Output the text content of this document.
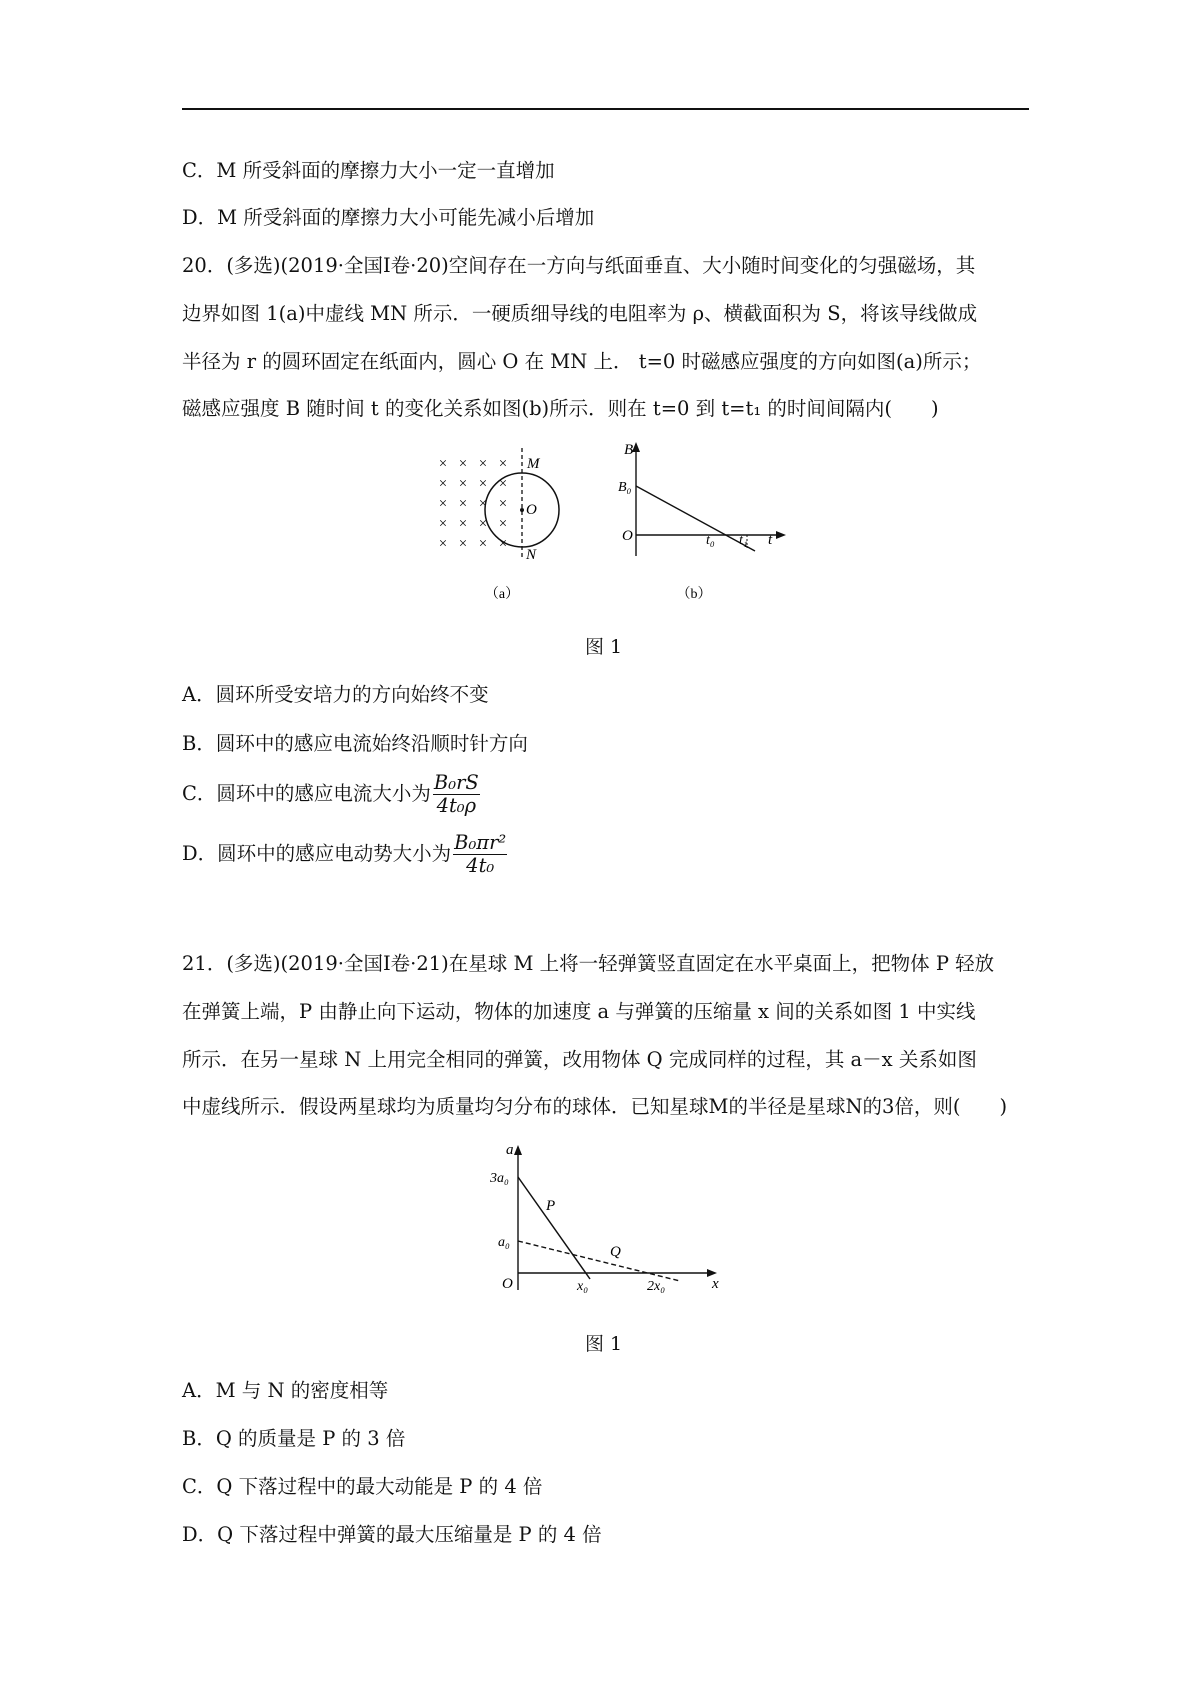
C．M 所受斜面的摩擦力大小一定一直增加
D．M 所受斜面的摩擦力大小可能先减小后增加
20．(多选)(2019·全国Ⅰ卷·20)空间存在一方向与纸面垂直、大小随时间变化的匀强磁场，其
边界如图 1(a)中虚线 MN 所示．一硬质细导线的电阻率为 ρ、横截面积为 S，将该导线做成
半径为 r 的圆环固定在纸面内，圆心 O 在 MN 上． t=0 时磁感应强度的方向如图(a)所示；
磁感应强度 B 随时间 t 的变化关系如图(b)所示．则在 t=0 到 t=t₁ 的时间间隔内(　　)
× × × ×
× × × ×
× × × ×
× × × ×
× × × ×
M
O
N
（a）
B
B₀
O	t₀ t₁ t
（b）
图 1
A．圆环所受安培力的方向始终不变
B．圆环中的感应电流始终沿顺时针方向
C．圆环中的感应电流大小为 $\frac{\text{B₀rS}}{\text{4t₀ρ}}$
D．圆环中的感应电动势大小为 $\frac{\text{B₀πr²}}{\text{4t₀}}$
21．(多选)(2019·全国Ⅰ卷·21)在星球 M 上将一轻弹簧竖直固定在水平桌面上，把物体 P 轻放
在弹簧上端，P 由静止向下运动，物体的加速度 a 与弹簧的压缩量 x 间的关系如图 1 中实线
所示．在另一星球 N 上用完全相同的弹簧，改用物体 Q 完成同样的过程，其 a－x 关系如图
中虚线所示．假设两星球均为质量均匀分布的球体．已知星球M的半径是星球N的3倍，则(　　)
a
3a₀
a₀
P
Q
O	x₀	2x₀	x
图 1
A．M 与 N 的密度相等
B．Q 的质量是 P 的 3 倍
C．Q 下落过程中的最大动能是 P 的 4 倍
D．Q 下落过程中弹簧的最大压缩量是 P 的 4 倍
